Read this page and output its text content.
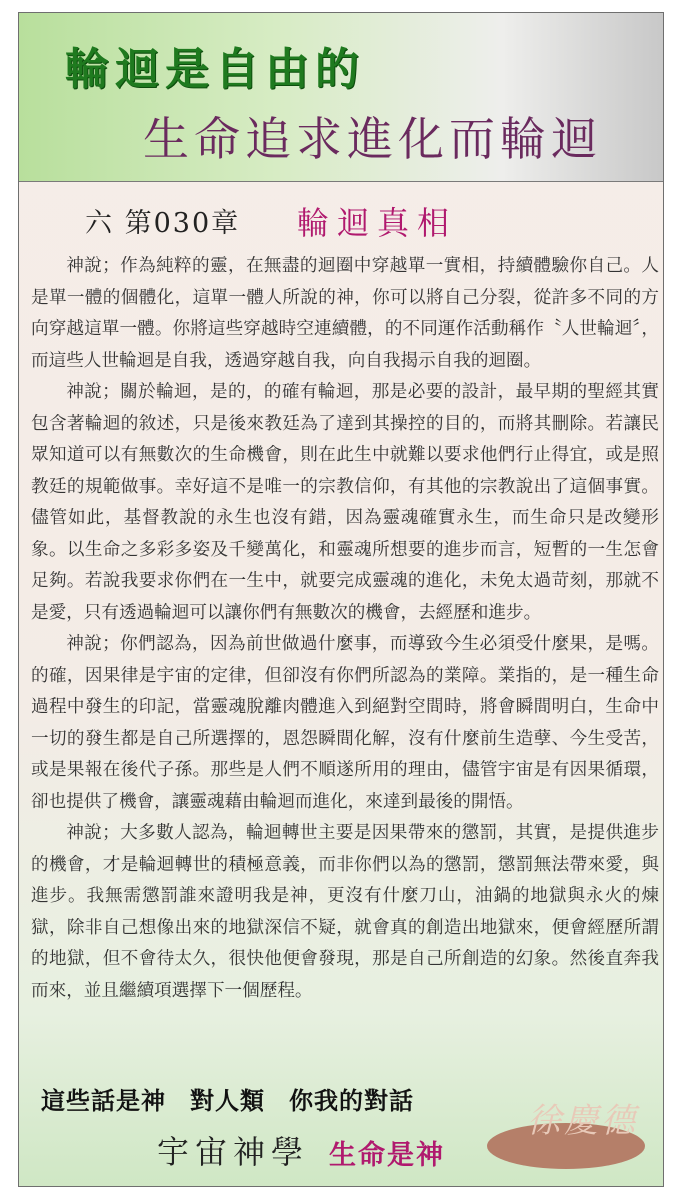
輪迴是自由的
生命追求進化而輪迴
六 第030章 輪迴真相

神說；作為純粹的靈，在無盡的迴圈中穿越單一實相，持續體驗你自己。人是單一體的個體化，這單一體人所說的神，你可以將自己分裂，從許多不同的方向穿越這單一體。你將這些穿越時空連續體，的不同運作活動稱作〝人世輪迴〞，而這些人世輪迴是自我，透過穿越自我，向自我揭示自我的迴圈。

神說；關於輪迴，是的，的確有輪迴，那是必要的設計，最早期的聖經其實包含著輪迴的敘述，只是後來教廷為了達到其操控的目的，而將其刪除。若讓民眾知道可以有無數次的生命機會，則在此生中就難以要求他們行止得宜，或是照教廷的規範做事。幸好這不是唯一的宗教信仰，有其他的宗教說出了這個事實。儘管如此，基督教說的永生也沒有錯，因為靈魂確實永生，而生命只是改變形象。以生命之多彩多姿及千變萬化，和靈魂所想要的進步而言，短暫的一生怎會足夠。若說我要求你們在一生中，就要完成靈魂的進化，未免太過苛刻，那就不是愛，只有透過輪迴可以讓你們有無數次的機會，去經歷和進步。

神說；你們認為，因為前世做過什麼事，而導致今生必須受什麼果，是嗎。的確，因果律是宇宙的定律，但卻沒有你們所認為的業障。業指的，是一種生命過程中發生的印記，當靈魂脫離肉體進入到絕對空間時，將會瞬間明白，生命中一切的發生都是自己所選擇的，恩怨瞬間化解，沒有什麼前生造孽、今生受苦，或是果報在後代子孫。那些是人們不順遂所用的理由，儘管宇宙是有因果循環，卻也提供了機會，讓靈魂藉由輪迴而進化，來達到最後的開悟。

神說；大多數人認為，輪迴轉世主要是因果帶來的懲罰，其實，是提供進步的機會，才是輪迴轉世的積極意義，而非你們以為的懲罰，懲罰無法帶來愛，與進步。我無需懲罰誰來證明我是神，更沒有什麼刀山，油鍋的地獄與永火的煉獄，除非自己想像出來的地獄深信不疑，就會真的創造出地獄來，便會經歷所謂的地獄，但不會待太久，很快他便會發現，那是自己所創造的幻象。然後直奔我而來，並且繼續項選擇下一個歷程。

這些話是神 對人類 你我的對話
宇宙神學 生命是神
徐慶德
